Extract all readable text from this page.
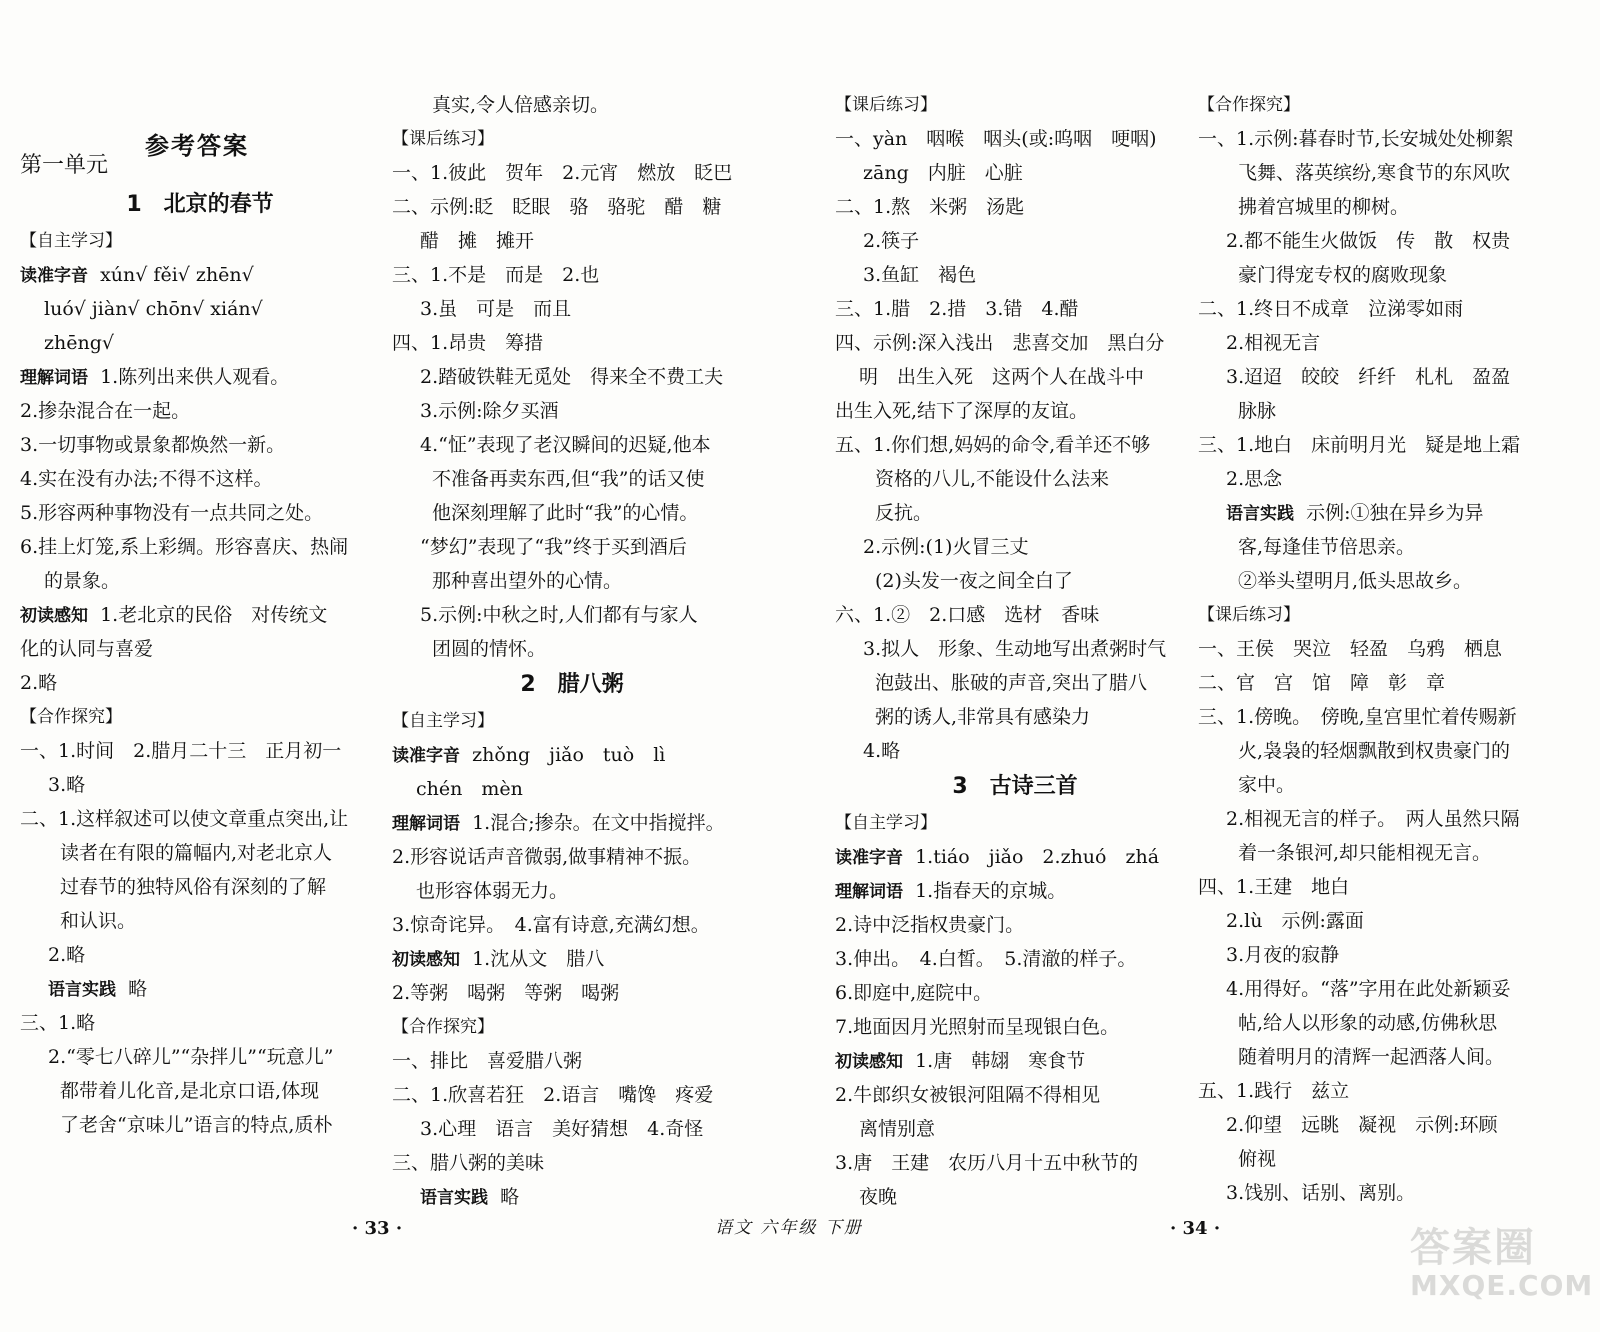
参考答案
第一单元
1　北京的春节
【自主学习】
读准字音 xún√ fěi√ zhēn√
luó√ jiàn√ chōn√ xián√
zhēng√
理解词语 1.陈列出来供人观看。
2.掺杂混合在一起。
3.一切事物或景象都焕然一新。
4.实在没有办法;不得不这样。
5.形容两种事物没有一点共同之处。
6.挂上灯笼,系上彩绸。形容喜庆、热闹
的景象。
初读感知 1.老北京的民俗　对传统文
化的认同与喜爱
2.略
【合作探究】
一、1.时间　2.腊月二十三　正月初一
3.略
二、1.这样叙述可以使文章重点突出,让
读者在有限的篇幅内,对老北京人
过春节的独特风俗有深刻的了解
和认识。
2.略
语言实践 略
三、1.略
2.“零七八碎儿”“杂拌儿”“玩意儿”
都带着儿化音,是北京口语,体现
了老舍“京味儿”语言的特点,质朴
真实,令人倍感亲切。
【课后练习】
一、1.彼此　贺年　2.元宵　燃放　眨巴
二、示例:眨　眨眼　骆　骆驼　醋　糖
醋　摊　摊开
三、1.不是　而是　2.也
3.虽　可是　而且
四、1.昂贵　筹措
2.踏破铁鞋无觅处　得来全不费工夫
3.示例:除夕买酒
4.“怔”表现了老汉瞬间的迟疑,他本
不准备再卖东西,但“我”的话又使
他深刻理解了此时“我”的心情。
“梦幻”表现了“我”终于买到酒后
那种喜出望外的心情。
5.示例:中秋之时,人们都有与家人
团圆的情怀。
2　腊八粥
【自主学习】
读准字音 zhǒng　jiǎo　tuò　lì
chén　mèn
理解词语 1.混合;掺杂。在文中指搅拌。
2.形容说话声音微弱,做事精神不振。
也形容体弱无力。
3.惊奇诧异。　4.富有诗意,充满幻想。
初读感知 1.沈从文　腊八
2.等粥　喝粥　等粥　喝粥
【合作探究】
一、排比　喜爱腊八粥
二、1.欣喜若狂　2.语言　嘴馋　疼爱
3.心理　语言　美好猜想　4.奇怪
三、腊八粥的美味
语言实践 略
【课后练习】
一、yàn　咽喉　咽头(或:呜咽　哽咽)
zāng　内脏　心脏
二、1.熬　米粥　汤匙
2.筷子
3.鱼缸　褐色
三、1.腊　2.措　3.错　4.醋
四、示例:深入浅出　悲喜交加　黑白分
明　出生入死　这两个人在战斗中
出生入死,结下了深厚的友谊。
五、1.你们想,妈妈的命令,看羊还不够
资格的八儿,不能设什么法来
反抗。
2.示例:(1)火冒三丈
(2)头发一夜之间全白了
六、1.②　2.口感　选材　香味
3.拟人　形象、生动地写出煮粥时气
泡鼓出、胀破的声音,突出了腊八
粥的诱人,非常具有感染力
4.略
3　古诗三首
【自主学习】
读准字音 1.tiáo　jiǎo　2.zhuó　zhá
理解词语 1.指春天的京城。
2.诗中泛指权贵豪门。
3.伸出。　4.白皙。　5.清澈的样子。
6.即庭中,庭院中。
7.地面因月光照射而呈现银白色。
初读感知 1.唐　韩翃　寒食节
2.牛郎织女被银河阻隔不得相见
离情别意
3.唐　王建　农历八月十五中秋节的
夜晚
【合作探究】
一、1.示例:暮春时节,长安城处处柳絮
飞舞、落英缤纷,寒食节的东风吹
拂着宫城里的柳树。
2.都不能生火做饭　传　散　权贵
豪门得宠专权的腐败现象
二、1.终日不成章　泣涕零如雨
2.相视无言
3.迢迢　皎皎　纤纤　札札　盈盈
脉脉
三、1.地白　床前明月光　疑是地上霜
2.思念
语言实践 示例:①独在异乡为异
客,每逢佳节倍思亲。
②举头望明月,低头思故乡。
【课后练习】
一、王侯　哭泣　轻盈　乌鸦　栖息
二、官　宫　馆　障　彰　章
三、1.傍晚。　傍晚,皇宫里忙着传赐新
火,袅袅的轻烟飘散到权贵豪门的
家中。
2.相视无言的样子。　两人虽然只隔
着一条银河,却只能相视无言。
四、1.王建　地白
2.lù　示例:露面
3.月夜的寂静
4.用得好。“落”字用在此处新颖妥
帖,给人以形象的动感,仿佛秋思
随着明月的清辉一起洒落人间。
五、1.践行　兹立
2.仰望　远眺　凝视　示例:环顾
俯视
3.饯别、话别、离别。
· 33 ·	语文 六年级 下册	· 34 ·	答案圈
MXQE.COM
